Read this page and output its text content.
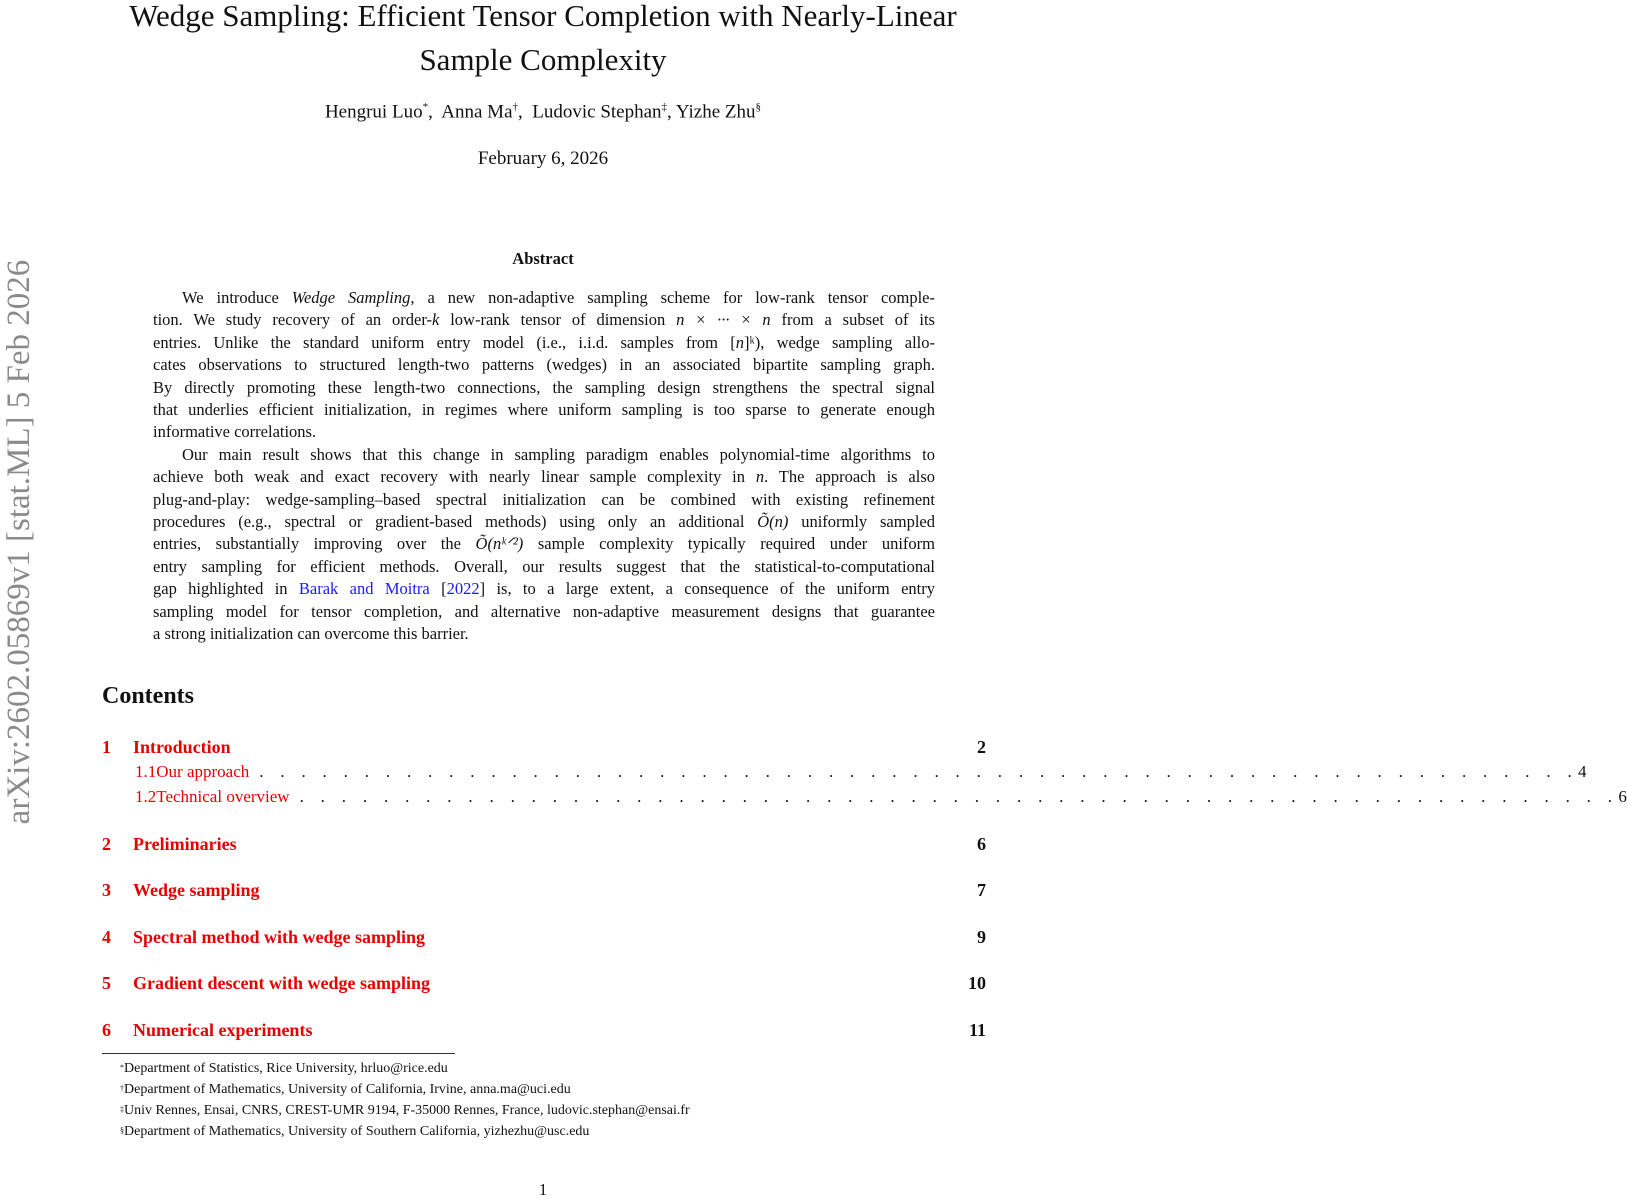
arXiv:2602.05869v1 [stat.ML] 5 Feb 2026
Wedge Sampling: Efficient Tensor Completion with Nearly-Linear
Sample Complexity
Hengrui Luo*,  Anna Ma†,  Ludovic Stephan‡, Yizhe Zhu§
February 6, 2026
Abstract
We introduce Wedge Sampling, a new non-adaptive sampling scheme for low-rank tensor comple-
tion. We study recovery of an order-k low-rank tensor of dimension n × ··· × n from a subset of its
entries. Unlike the standard uniform entry model (i.e., i.i.d. samples from [n]ᵏ), wedge sampling allo-
cates observations to structured length-two patterns (wedges) in an associated bipartite sampling graph.
By directly promoting these length-two connections, the sampling design strengthens the spectral signal
that underlies efficient initialization, in regimes where uniform sampling is too sparse to generate enough
informative correlations.
Our main result shows that this change in sampling paradigm enables polynomial-time algorithms to
achieve both weak and exact recovery with nearly linear sample complexity in n. The approach is also
plug-and-play: wedge-sampling–based spectral initialization can be combined with existing refinement
procedures (e.g., spectral or gradient-based methods) using only an additional Õ(n) uniformly sampled
entries, substantially improving over the Õ(nᵏᐟ²) sample complexity typically required under uniform
entry sampling for efficient methods. Overall, our results suggest that the statistical-to-computational
gap highlighted in Barak and Moitra [2022] is, to a large extent, a consequence of the uniform entry
sampling model for tensor completion, and alternative non-adaptive measurement designs that guarantee
a strong initialization can overcome this barrier.
Contents
1	Introduction	2
1.1 Our approach . . . . . . . . . . . . . . . . . . . . . . . . . . . . . . . . . . . . . . . . . . . . . . . . . . . . . . . . . . . . . . . 4
1.2 Technical overview . . . . . . . . . . . . . . . . . . . . . . . . . . . . . . . . . . . . . . . . . . . . . . . . . . . . . . . . . . . . . . . 6
2	Preliminaries	6
3	Wedge sampling	7
4	Spectral method with wedge sampling	9
5	Gradient descent with wedge sampling	10
6	Numerical experiments	11
*Department of Statistics, Rice University, hrluo@rice.edu
†Department of Mathematics, University of California, Irvine, anna.ma@uci.edu
‡Univ Rennes, Ensai, CNRS, CREST-UMR 9194, F-35000 Rennes, France, ludovic.stephan@ensai.fr
§Department of Mathematics, University of Southern California, yizhezhu@usc.edu
1
